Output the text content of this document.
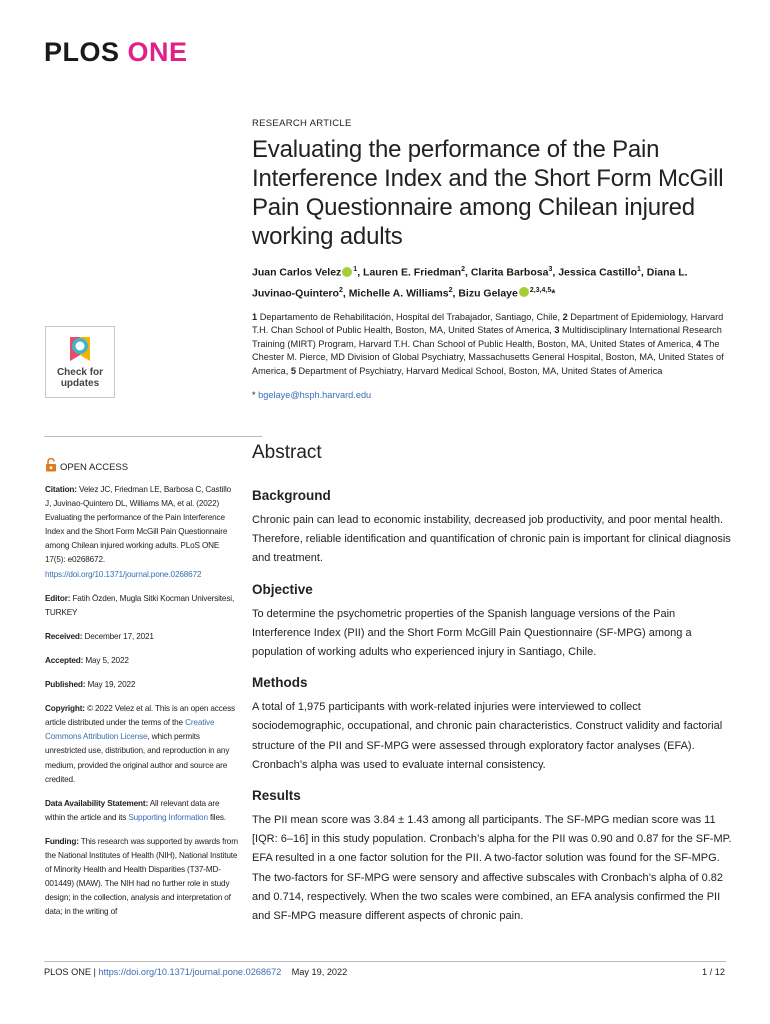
PLOS ONE
Check for
updates
OPEN ACCESS

Citation: Velez JC, Friedman LE, Barbosa C, Castillo J, Juvinao-Quintero DL, Williams MA, et al. (2022) Evaluating the performance of the Pain Interference Index and the Short Form McGill Pain Questionnaire among Chilean injured working adults. PLoS ONE 17(5): e0268672. https://doi.org/10.1371/journal.pone.0268672

Editor: Fatih Özden, Mugla Sitki Kocman Universitesi, TURKEY

Received: December 17, 2021

Accepted: May 5, 2022

Published: May 19, 2022

Copyright: © 2022 Velez et al. This is an open access article distributed under the terms of the Creative Commons Attribution License, which permits unrestricted use, distribution, and reproduction in any medium, provided the original author and source are credited.

Data Availability Statement: All relevant data are within the article and its Supporting Information files.

Funding: This research was supported by awards from the National Institutes of Health (NIH), National Institute of Minority Health and Health Disparities (T37-MD-001449) (MAW). The NIH had no further role in study design; in the collection, analysis and interpretation of data; in the writing of

RESEARCH ARTICLE

Evaluating the performance of the Pain Interference Index and the Short Form McGill Pain Questionnaire among Chilean injured working adults

Juan Carlos Velez $^1$, Lauren E. Friedman$^2$, Clarita Barbosa$^3$, Jessica Castillo$^1$, Diana L. Juvinao-Quintero$^2$, Michelle A. Williams$^2$, Bizu Gelaye $^{2,3,4,5}$*

1 Departamento de Rehabilitación, Hospital del Trabajador, Santiago, Chile, 2 Department of Epidemiology, Harvard T.H. Chan School of Public Health, Boston, MA, United States of America, 3 Multidisciplinary International Research Training (MIRT) Program, Harvard T.H. Chan School of Public Health, Boston, MA, United States of America, 4 The Chester M. Pierce, MD Division of Global Psychiatry, Massachusetts General Hospital, Boston, MA, United States of America, 5 Department of Psychiatry, Harvard Medical School, Boston, MA, United States of America

* bgelaye@hsph.harvard.edu

Abstract
Background

Chronic pain can lead to economic instability, decreased job productivity, and poor mental health. Therefore, reliable identification and quantification of chronic pain is important for clinical diagnosis and treatment.

Objective

To determine the psychometric properties of the Spanish language versions of the Pain Interference Index (PII) and the Short Form McGill Pain Questionnaire (SF-MPG) among a population of working adults who experienced injury in Santiago, Chile.

Methods

A total of 1,975 participants with work-related injuries were interviewed to collect sociodemographic, occupational, and chronic pain characteristics. Construct validity and factorial structure of the PII and SF-MPG were assessed through exploratory factor analyses (EFA). Cronbach’s alpha was used to evaluate internal consistency.

Results

The PII mean score was 3.84 ± 1.43 among all participants. The SF-MPG median score was 11 [IQR: 6–16] in this study population. Cronbach’s alpha for the PII was 0.90 and 0.87 for the SF-MP. EFA resulted in a one factor solution for the PII. A two-factor solution was found for the SF-MPG. The two-factors for SF-MPG were sensory and affective subscales with Cronbach’s alpha of 0.82 and 0.714, respectively. When the two scales were combined, an EFA analysis confirmed the PII and SF-MPG measure different aspects of chronic pain.

PLOS ONE | https://doi.org/10.1371/journal.pone.0268672 May 19, 2022	1 / 12
